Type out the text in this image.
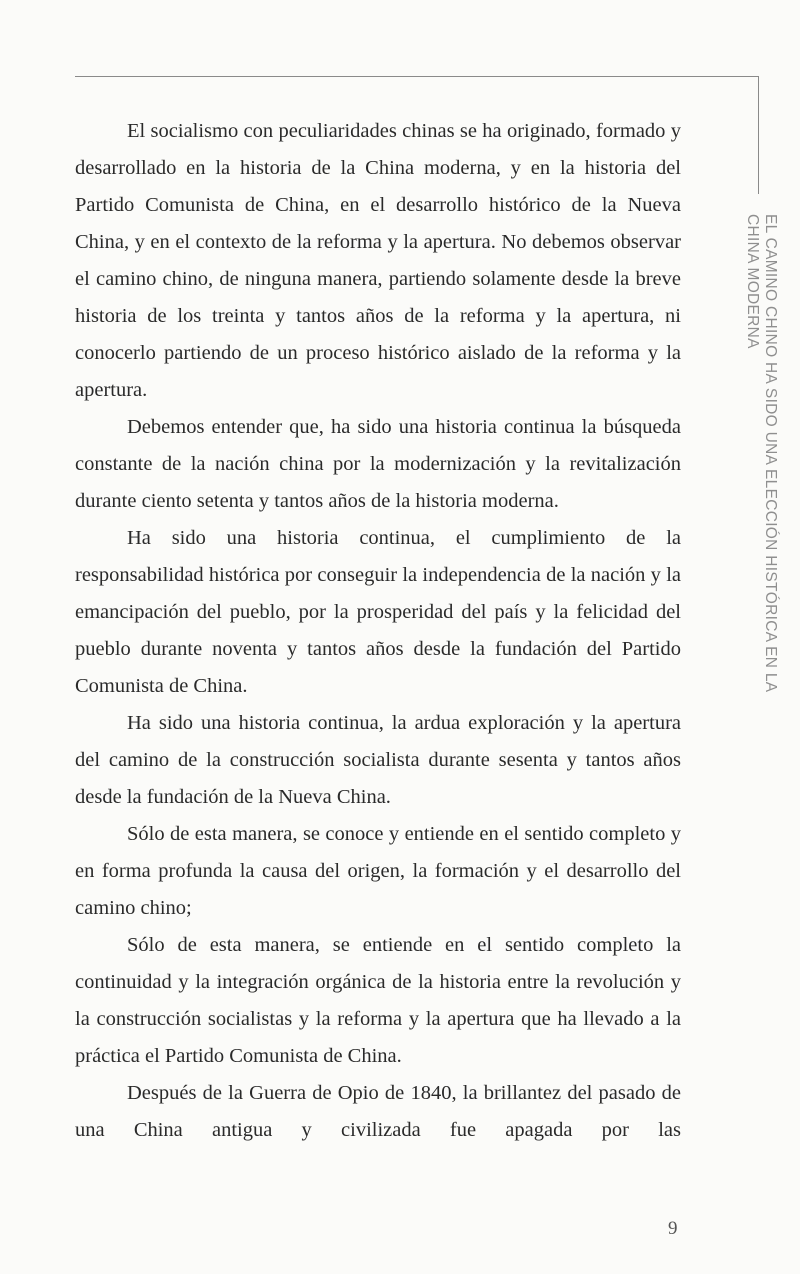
El socialismo con peculiaridades chinas se ha originado, formado y desarrollado en la historia de la China moderna, y en la historia del Partido Comunista de China, en el desarrollo histórico de la Nueva China, y en el contexto de la reforma y la apertura. No debemos observar el camino chino, de ninguna manera, partiendo solamente desde la breve historia de los treinta y tantos años de la reforma y la apertura, ni conocerlo partiendo de un proceso histórico aislado de la reforma y la apertura.

Debemos entender que, ha sido una historia continua la búsqueda constante de la nación china por la modernización y la revitalización durante ciento setenta y tantos años de la historia moderna.

Ha sido una historia continua, el cumplimiento de la responsabilidad histórica por conseguir la independencia de la nación y la emancipación del pueblo, por la prosperidad del país y la felicidad del pueblo durante noventa y tantos años desde la fundación del Partido Comunista de China.

Ha sido una historia continua, la ardua exploración y la apertura del camino de la construcción socialista durante sesenta y tantos años desde la fundación de la Nueva China.

Sólo de esta manera, se conoce y entiende en el sentido completo y en forma profunda la causa del origen, la formación y el desarrollo del camino chino;

Sólo de esta manera, se entiende en el sentido completo la continuidad y la integración orgánica de la historia entre la revolución y la construcción socialistas y la reforma y la apertura que ha llevado a la práctica el Partido Comunista de China.

Después de la Guerra de Opio de 1840, la brillantez del pasado de una China antigua y civilizada fue apagada por las

EL CAMINO CHINO HA SIDO UNA ELECCIÓN HISTÓRICA EN LA CHINA MODERNA
9
